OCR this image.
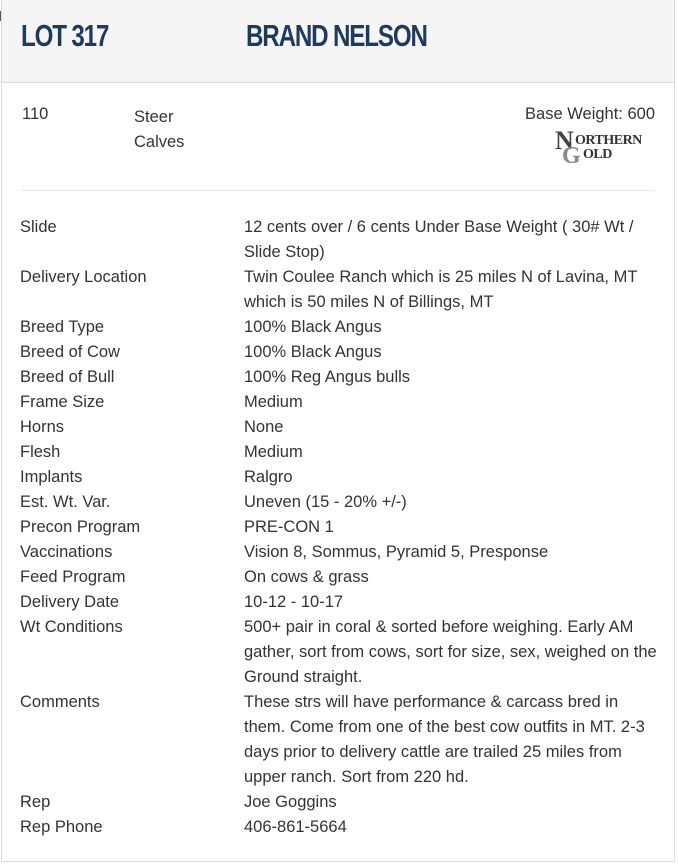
LOT 317	BRAND NELSON
110	Steer Calves
Base Weight: 600
N
G
ORTHERN
OLD
Slide	12 cents over / 6 cents Under Base Weight ( 30# Wt / Slide Stop)
Delivery Location	Twin Coulee Ranch which is 25 miles N of Lavina, MT which is 50 miles N of Billings, MT
Breed Type	100% Black Angus
Breed of Cow	100% Black Angus
Breed of Bull	100% Reg Angus bulls
Frame Size	Medium
Horns	None
Flesh	Medium
Implants	Ralgro
Est. Wt. Var.	Uneven (15 - 20% +/-)
Precon Program	PRE-CON 1
Vaccinations	Vision 8, Sommus, Pyramid 5, Presponse
Feed Program	On cows & grass
Delivery Date	10-12 - 10-17
Wt Conditions	500+ pair in coral & sorted before weighing. Early AM gather, sort from cows, sort for size, sex, weighed on the Ground straight.
Comments	These strs will have performance & carcass bred in them. Come from one of the best cow outfits in MT. 2-3 days prior to delivery cattle are trailed 25 miles from upper ranch. Sort from 220 hd.
Rep	Joe Goggins
Rep Phone	406-861-5664
